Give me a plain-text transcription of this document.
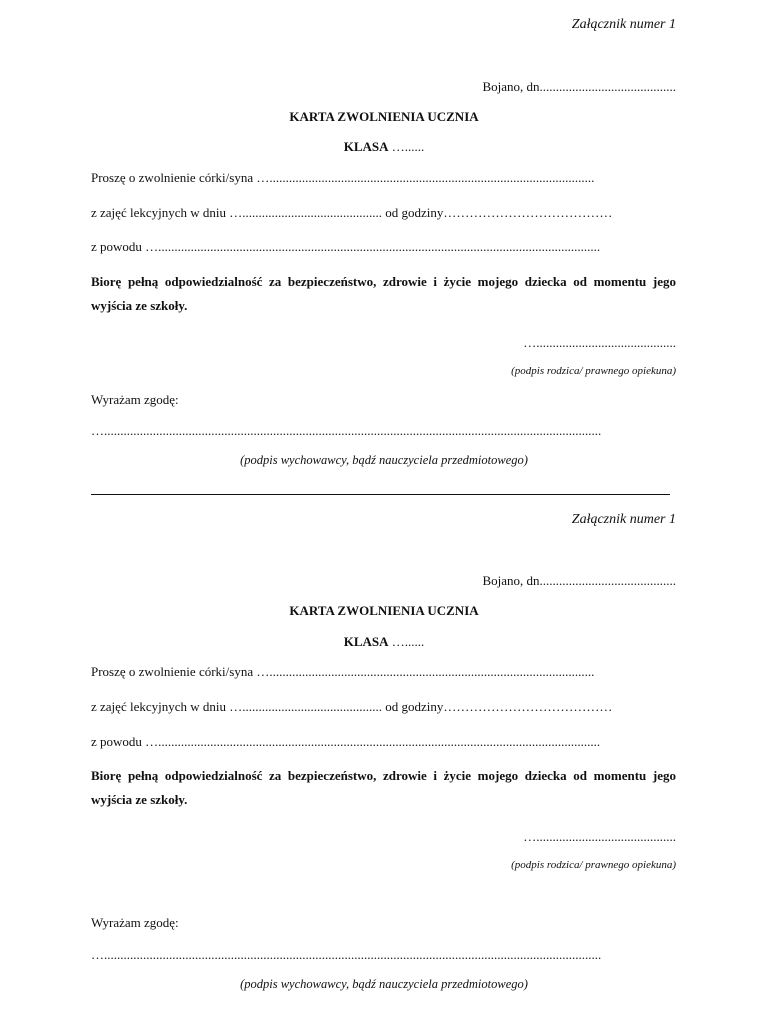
Załącznik numer 1
Bojano, dn..........................................
KARTA ZWOLNIENIA UCZNIA
KLASA …......
Proszę o zwolnienie córki/syna …....................................................................................................
z zajęć lekcyjnych w dniu …........................................... od godziny…………………………………
z powodu …........................................................................................................................................
Biorę pełną odpowiedzialność za bezpieczeństwo, zdrowie i życie mojego dziecka od momentu jego wyjścia ze szkoły.
…...........................................
(podpis rodzica/ prawnego opiekuna)
Wyrażam zgodę:
….........................................................................................................................................................
(podpis wychowawcy, bądź nauczyciela przedmiotowego)
Załącznik numer 1
Bojano, dn..........................................
KARTA ZWOLNIENIA UCZNIA
KLASA …......
Proszę o zwolnienie córki/syna …....................................................................................................
z zajęć lekcyjnych w dniu …........................................... od godziny…………………………………
z powodu …........................................................................................................................................
Biorę pełną odpowiedzialność za bezpieczeństwo, zdrowie i życie mojego dziecka od momentu jego wyjścia ze szkoły.
…...........................................
(podpis rodzica/ prawnego opiekuna)
Wyrażam zgodę:
….........................................................................................................................................................
(podpis wychowawcy, bądź nauczyciela przedmiotowego)
